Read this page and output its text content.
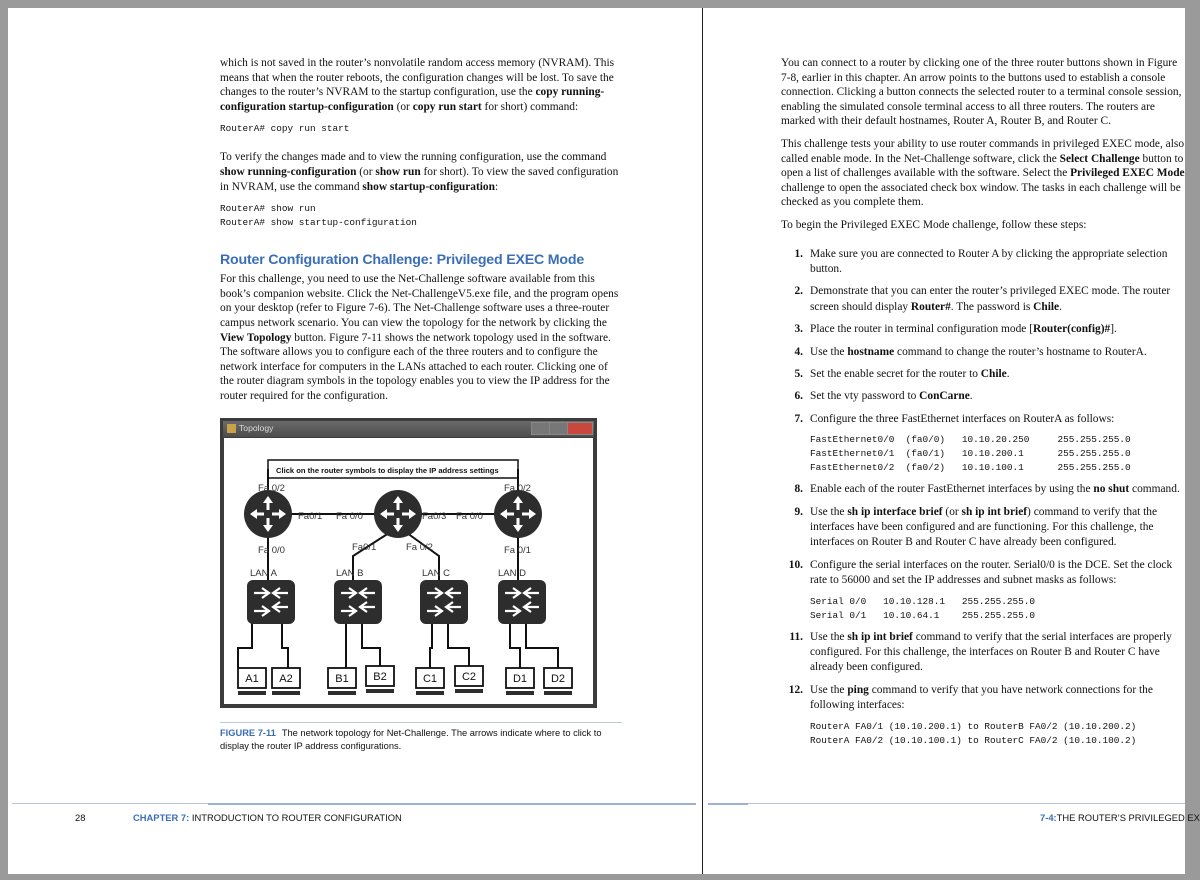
which is not saved in the router’s nonvolatile random access memory (NVRAM). This means that when the router reboots, the configuration changes will be lost. To save the changes to the router’s NVRAM to the startup configuration, use the copy running-configuration startup-configuration (or copy run start for short) command:

RouterA# copy run start

To verify the changes made and to view the running configuration, use the command show running-configuration (or show run for short). To view the saved configuration in NVRAM, use the command show startup-configuration:

RouterA# show run

RouterA# show startup-configuration

Router Configuration Challenge: Privileged EXEC Mode

For this challenge, you need to use the Net-Challenge software available from this book’s companion website. Click the Net-ChallengeV5.exe file, and the program opens on your desktop (refer to Figure 7-6). The Net-Challenge software uses a three-router campus network scenario. You can view the topology for the network by clicking the View Topology button. Figure 7-11 shows the network topology used in the software. The software allows you to configure each of the three routers and to configure the network interface for computers in the LANs attached to each router. Clicking one of the router diagram symbols in the topology enables you to view the IP address for the router required for the configuration.

Topology
Click on the router symbols to display the IP address settings
Fa 0/2	Fa 0/2
Fa0/1 Fa 0/0	Fa0/3 Fa 0/0
Fa 0/0	Fa0/1	Fa 0/2	Fa 0/1
LAN A	LAN B	LAN C	LAN D
A1 A2	B1 B2	C1 C2	D1 D2
FIGURE 7-11 The network topology for Net-Challenge. The arrows indicate where to click to display the router IP address configurations.

You can connect to a router by clicking one of the three router buttons shown in Figure 7-8, earlier in this chapter. An arrow points to the buttons used to establish a console connection. Clicking a button connects the selected router to a terminal console session, enabling the simulated console terminal access to all three routers. The routers are marked with their default hostnames, Router A, Router B, and Router C.

This challenge tests your ability to use router commands in privileged EXEC mode, also called enable mode. In the Net-Challenge software, click the Select Challenge button to open a list of challenges available with the software. Select the Privileged EXEC Mode challenge to open the associated check box window. The tasks in each challenge will be checked as you complete them.

To begin the Privileged EXEC Mode challenge, follow these steps:

1. Make sure you are connected to Router A by clicking the appropriate selection button.
2. Demonstrate that you can enter the router’s privileged EXEC mode. The router screen should display Router#. The password is Chile.
3. Place the router in terminal configuration mode [Router(config)#].
4. Use the hostname command to change the router’s hostname to RouterA.
5. Set the enable secret for the router to Chile.
6. Set the vty password to ConCarne.
7. Configure the three FastEthernet interfaces on RouterA as follows:

FastEthernet0/0  (fa0/0)   10.10.20.250     255.255.255.0

FastEthernet0/1  (fa0/1)   10.10.200.1      255.255.255.0

FastEthernet0/2  (fa0/2)   10.10.100.1      255.255.255.0

8. Enable each of the router FastEthernet interfaces by using the no shut command.
9. Use the sh ip interface brief (or sh ip int brief) command to verify that the interfaces have been configured and are functioning. For this challenge, the interfaces on Router B and Router C have already been configured.
10. Configure the serial interfaces on the router. Serial0/0 is the DCE. Set the clock rate to 56000 and set the IP addresses and subnet masks as follows:

Serial 0/0   10.10.128.1   255.255.255.0

Serial 0/1   10.10.64.1    255.255.255.0

11. Use the sh ip int brief command to verify that the serial interfaces are properly configured. For this challenge, the interfaces on Router B and Router C have already been configured.
12. Use the ping command to verify that you have network connections for the following interfaces:

RouterA FA0/1 (10.10.200.1) to RouterB FA0/2 (10.10.200.2)

RouterA FA0/2 (10.10.100.1) to RouterC FA0/2 (10.10.100.2)

28	CHAPTER 7: INTRODUCTION TO ROUTER CONFIGURATION	7-4:THE ROUTER’S PRIVILEGED EX
